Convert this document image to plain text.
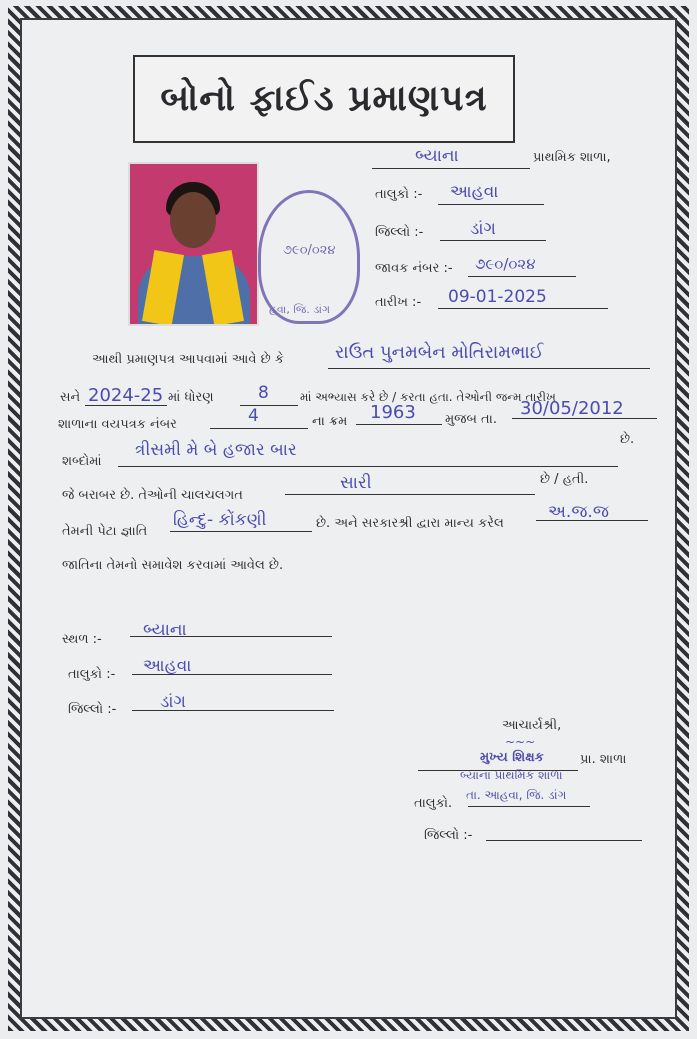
બોનો ફાઈડ પ્રમાણપત્ર
બ્યાના	પ્રાથમિક શાળા,
તાલુકો :- આહવા
જિલ્લો :-	ડાંગ
જાવક નંબર :- ૭૯૦/૦૨૪
તારીખ :- 09-01-2025
૭૯૦/૦૨૪
હવા, જિ. ડાંગ
આથી પ્રમાણપત્ર આપવામાં આવે છે કે	રાઉત પુનમબેન મોતિરામભાઈ
સને 2024-25 માં ધોરણ	8	માં અભ્યાસ કરે છે / કરતા હતા. તેઓની જન્મ તારીખ
શાળાના વયપત્રક નંબર	4	ના ક્રમ 1963 મુજબ તા.
30/05/2012
શબ્દોમાં
ત્રીસમી મે બે હજાર બાર
છે.
જે બરાબર છે. તેઓની ચાલચલગત
સારી	છે / હતી.
તેમની પેટા જ્ઞાતિ
હિન્દુ- કોંકણી	છે. અને સરકારશ્રી દ્વારા માન્ય કરેલ
અ.જ.જ
જાતિના તેમનો સમાવેશ કરવામાં આવેલ છે.
સ્થળ :- બ્યાના
તાલુકો :- આહવા
જિલ્લો :-	ડાંગ
આચાર્યશ્રી,
~~~
મુખ્ય શિક્ષક	પ્રા. શાળા
બ્યાના પ્રાથમિક શાળા
તાલુકો.
તા. આહવા, જિ. ડાંગ
જિલ્લો :-
